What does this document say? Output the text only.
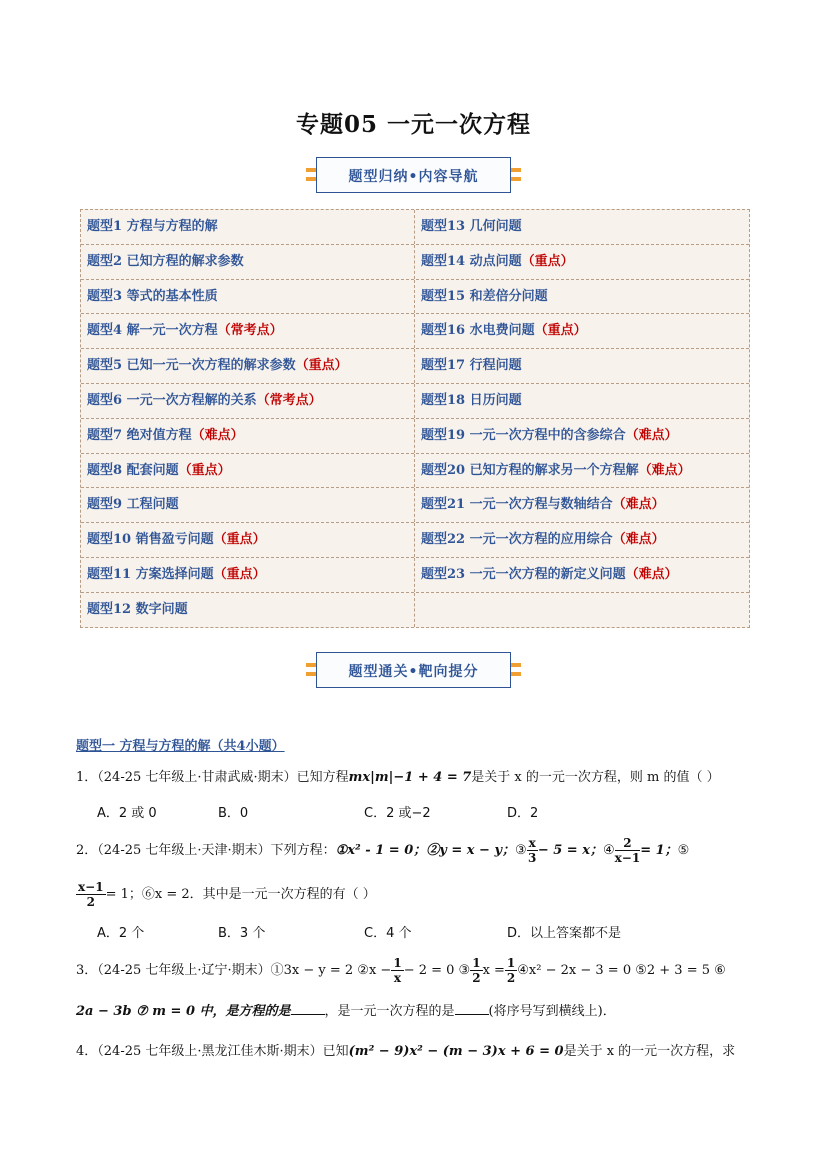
专题05 一元一次方程
题型归纳•内容导航
题型1 方程与方程的解	题型13 几何问题
题型2 已知方程的解求参数	题型14 动点问题（重点）
题型3 等式的基本性质	题型15 和差倍分问题
题型4 解一元一次方程（常考点）	题型16 水电费问题（重点）
题型5 已知一元一次方程的解求参数（重点）	题型17 行程问题
题型6 一元一次方程解的关系（常考点）	题型18 日历问题
题型7 绝对值方程（难点）	题型19 一元一次方程中的含参综合（难点）
题型8 配套问题（重点）	题型20 已知方程的解求另一个方程解（难点）
题型9 工程问题	题型21 一元一次方程与数轴结合（难点）
题型10 销售盈亏问题（重点）	题型22 一元一次方程的应用综合（难点）
题型11 方案选择问题（重点）	题型23 一元一次方程的新定义问题（难点）
题型12 数字问题
题型通关•靶向提分
题型一 方程与方程的解（共4小题）
1．（24-25 七年级上·甘肃武威·期末）已知方程mx|m|−1 + 4 = 7是关于 x 的一元一次方程，则 m 的值（ ）
A．2 或 0	B．0	C．2 或−2	D．2
2．（24-25 七年级上·天津·期末）下列方程：①x² - 1 = 0；②y = x − y；③ $\frac{x}{3} - 5 = x$；④ $\frac{2}{x-1} = 1$；⑤
$\frac{x-1}{2} = 1$；⑥x = 2．其中是一元一次方程的有（ ）
A．2 个	B．3 个	C．4 个	D．以上答案都不是
3．（24-25 七年级上·辽宁·期末）①3x − y = 2 ②x − $\frac{1}{x} - 2 = 0$ ③ $\frac{1}{2}$ $x = \frac{1}{2}$ ④x² − 2x − 3 = 0 ⑤2 + 3 = 5 ⑥
2a − 3b ⑦ m = 0 中，是方程的是	，是一元一次方程的是	(将序号写到横线上)．
4．（24-25 七年级上·黑龙江佳木斯·期末）已知(m² − 9)x² − (m − 3)x + 6 = 0是关于 x 的一元一次方程，求
